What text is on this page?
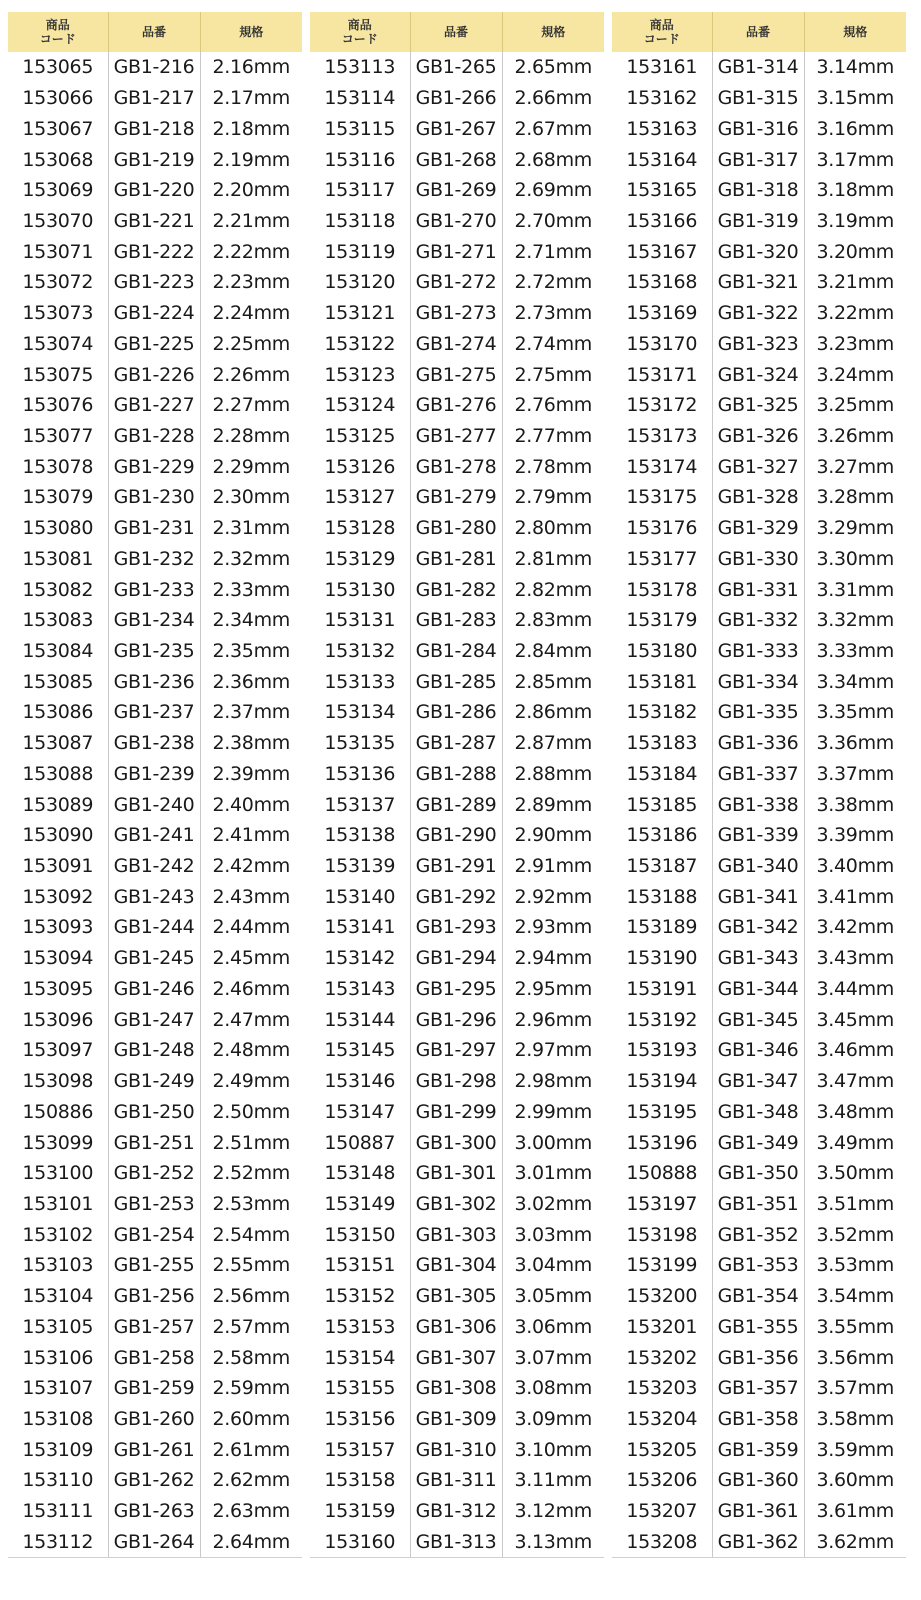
商品
コード	品番	規格
153065	GB1-216	2.16mm
153066	GB1-217	2.17mm
153067	GB1-218	2.18mm
153068	GB1-219	2.19mm
153069	GB1-220	2.20mm
153070	GB1-221	2.21mm
153071	GB1-222	2.22mm
153072	GB1-223	2.23mm
153073	GB1-224	2.24mm
153074	GB1-225	2.25mm
153075	GB1-226	2.26mm
153076	GB1-227	2.27mm
153077	GB1-228	2.28mm
153078	GB1-229	2.29mm
153079	GB1-230	2.30mm
153080	GB1-231	2.31mm
153081	GB1-232	2.32mm
153082	GB1-233	2.33mm
153083	GB1-234	2.34mm
153084	GB1-235	2.35mm
153085	GB1-236	2.36mm
153086	GB1-237	2.37mm
153087	GB1-238	2.38mm
153088	GB1-239	2.39mm
153089	GB1-240	2.40mm
153090	GB1-241	2.41mm
153091	GB1-242	2.42mm
153092	GB1-243	2.43mm
153093	GB1-244	2.44mm
153094	GB1-245	2.45mm
153095	GB1-246	2.46mm
153096	GB1-247	2.47mm
153097	GB1-248	2.48mm
153098	GB1-249	2.49mm
150886	GB1-250	2.50mm
153099	GB1-251	2.51mm
153100	GB1-252	2.52mm
153101	GB1-253	2.53mm
153102	GB1-254	2.54mm
153103	GB1-255	2.55mm
153104	GB1-256	2.56mm
153105	GB1-257	2.57mm
153106	GB1-258	2.58mm
153107	GB1-259	2.59mm
153108	GB1-260	2.60mm
153109	GB1-261	2.61mm
153110	GB1-262	2.62mm
153111	GB1-263	2.63mm
153112	GB1-264	2.64mm
商品
コード	品番	規格
153113	GB1-265	2.65mm
153114	GB1-266	2.66mm
153115	GB1-267	2.67mm
153116	GB1-268	2.68mm
153117	GB1-269	2.69mm
153118	GB1-270	2.70mm
153119	GB1-271	2.71mm
153120	GB1-272	2.72mm
153121	GB1-273	2.73mm
153122	GB1-274	2.74mm
153123	GB1-275	2.75mm
153124	GB1-276	2.76mm
153125	GB1-277	2.77mm
153126	GB1-278	2.78mm
153127	GB1-279	2.79mm
153128	GB1-280	2.80mm
153129	GB1-281	2.81mm
153130	GB1-282	2.82mm
153131	GB1-283	2.83mm
153132	GB1-284	2.84mm
153133	GB1-285	2.85mm
153134	GB1-286	2.86mm
153135	GB1-287	2.87mm
153136	GB1-288	2.88mm
153137	GB1-289	2.89mm
153138	GB1-290	2.90mm
153139	GB1-291	2.91mm
153140	GB1-292	2.92mm
153141	GB1-293	2.93mm
153142	GB1-294	2.94mm
153143	GB1-295	2.95mm
153144	GB1-296	2.96mm
153145	GB1-297	2.97mm
153146	GB1-298	2.98mm
153147	GB1-299	2.99mm
150887	GB1-300	3.00mm
153148	GB1-301	3.01mm
153149	GB1-302	3.02mm
153150	GB1-303	3.03mm
153151	GB1-304	3.04mm
153152	GB1-305	3.05mm
153153	GB1-306	3.06mm
153154	GB1-307	3.07mm
153155	GB1-308	3.08mm
153156	GB1-309	3.09mm
153157	GB1-310	3.10mm
153158	GB1-311	3.11mm
153159	GB1-312	3.12mm
153160	GB1-313	3.13mm
商品
コード	品番	規格
153161	GB1-314	3.14mm
153162	GB1-315	3.15mm
153163	GB1-316	3.16mm
153164	GB1-317	3.17mm
153165	GB1-318	3.18mm
153166	GB1-319	3.19mm
153167	GB1-320	3.20mm
153168	GB1-321	3.21mm
153169	GB1-322	3.22mm
153170	GB1-323	3.23mm
153171	GB1-324	3.24mm
153172	GB1-325	3.25mm
153173	GB1-326	3.26mm
153174	GB1-327	3.27mm
153175	GB1-328	3.28mm
153176	GB1-329	3.29mm
153177	GB1-330	3.30mm
153178	GB1-331	3.31mm
153179	GB1-332	3.32mm
153180	GB1-333	3.33mm
153181	GB1-334	3.34mm
153182	GB1-335	3.35mm
153183	GB1-336	3.36mm
153184	GB1-337	3.37mm
153185	GB1-338	3.38mm
153186	GB1-339	3.39mm
153187	GB1-340	3.40mm
153188	GB1-341	3.41mm
153189	GB1-342	3.42mm
153190	GB1-343	3.43mm
153191	GB1-344	3.44mm
153192	GB1-345	3.45mm
153193	GB1-346	3.46mm
153194	GB1-347	3.47mm
153195	GB1-348	3.48mm
153196	GB1-349	3.49mm
150888	GB1-350	3.50mm
153197	GB1-351	3.51mm
153198	GB1-352	3.52mm
153199	GB1-353	3.53mm
153200	GB1-354	3.54mm
153201	GB1-355	3.55mm
153202	GB1-356	3.56mm
153203	GB1-357	3.57mm
153204	GB1-358	3.58mm
153205	GB1-359	3.59mm
153206	GB1-360	3.60mm
153207	GB1-361	3.61mm
153208	GB1-362	3.62mm
